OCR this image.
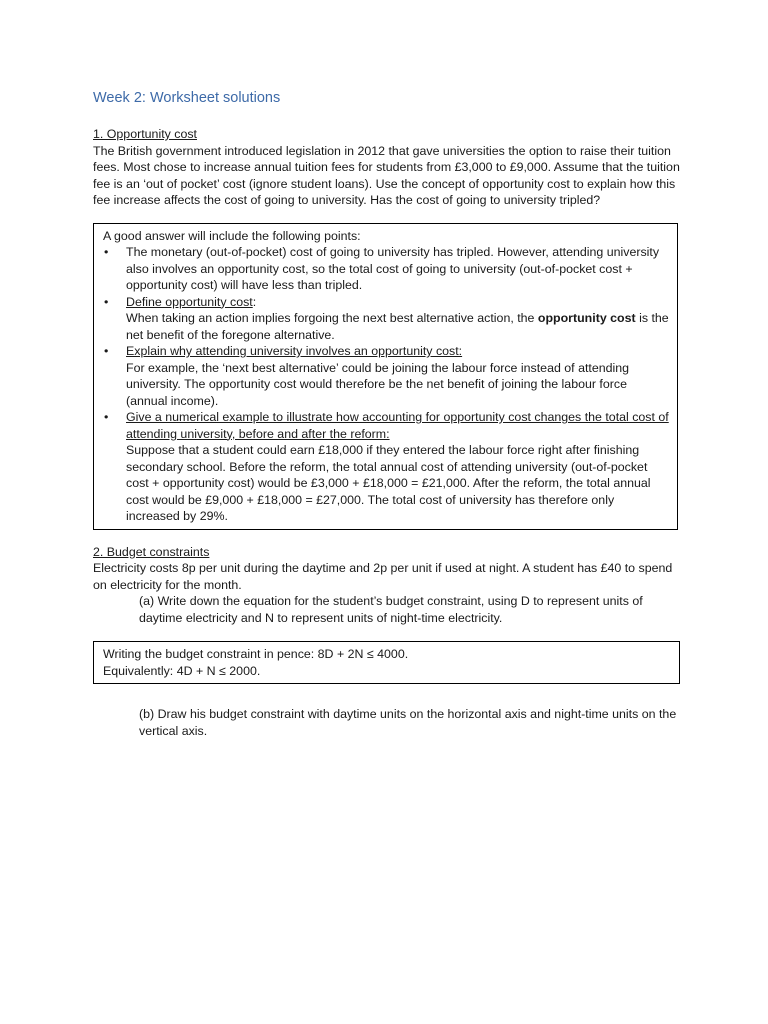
Week 2: Worksheet solutions

1. Opportunity cost

The British government introduced legislation in 2012 that gave universities the option to raise their tuition fees. Most chose to increase annual tuition fees for students from £3,000 to £9,000. Assume that the tuition fee is an ‘out of pocket’ cost (ignore student loans). Use the concept of opportunity cost to explain how this fee increase affects the cost of going to university. Has the cost of going to university tripled?

A good answer will include the following points:

• The monetary (out-of-pocket) cost of going to university has tripled. However, attending university also involves an opportunity cost, so the total cost of going to university (out-of-pocket cost + opportunity cost) will have less than tripled.
• Define opportunity cost:
When taking an action implies forgoing the next best alternative action, the opportunity cost is the net benefit of the foregone alternative.
• Explain why attending university involves an opportunity cost:
For example, the ‘next best alternative’ could be joining the labour force instead of attending university. The opportunity cost would therefore be the net benefit of joining the labour force (annual income).
• Give a numerical example to illustrate how accounting for opportunity cost changes the total cost of attending university, before and after the reform:
Suppose that a student could earn £18,000 if they entered the labour force right after finishing secondary school. Before the reform, the total annual cost of attending university (out-of-pocket cost + opportunity cost) would be £3,000 + £18,000 = £21,000. After the reform, the total annual cost would be £9,000 + £18,000 = £27,000. The total cost of university has therefore only increased by 29%.

2. Budget constraints

Electricity costs 8p per unit during the daytime and 2p per unit if used at night. A student has £40 to spend on electricity for the month.

(a) Write down the equation for the student’s budget constraint, using D to represent units of daytime electricity and N to represent units of night-time electricity.

Writing the budget constraint in pence: 8D + 2N ≤ 4000.

Equivalently: 4D + N ≤ 2000.

(b) Draw his budget constraint with daytime units on the horizontal axis and night-time units on the vertical axis.
